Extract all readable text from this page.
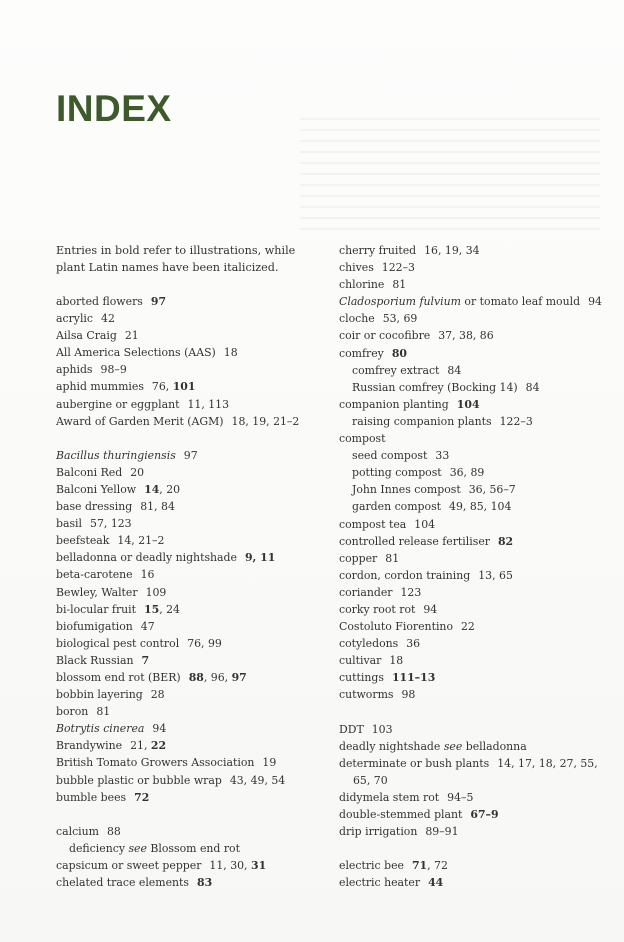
INDEX
Entries in bold refer to illustrations, while plant Latin names have been italicized.
aborted flowers 97
acrylic 42
Ailsa Craig 21
All America Selections (AAS) 18
aphids 98–9
aphid mummies 76, 101
aubergine or eggplant 11, 113
Award of Garden Merit (AGM) 18, 19, 21–2
Bacillus thuringiensis 97
Balconi Red 20
Balconi Yellow 14, 20
base dressing 81, 84
basil 57, 123
beefsteak 14, 21–2
belladonna or deadly nightshade 9, 11
beta-carotene 16
Bewley, Walter 109
bi-locular fruit 15, 24
biofumigation 47
biological pest control 76, 99
Black Russian 7
blossom end rot (BER) 88, 96, 97
bobbin layering 28
boron 81
Botrytis cinerea 94
Brandywine 21, 22
British Tomato Growers Association 19
bubble plastic or bubble wrap 43, 49, 54
bumble bees 72
calcium 88
deficiency see Blossom end rot
capsicum or sweet pepper 11, 30, 31
chelated trace elements 83
cherry fruited 16, 19, 34
chives 122–3
chlorine 81
Cladosporium fulvium or tomato leaf mould 94
cloche 53, 69
coir or cocofibre 37, 38, 86
comfrey 80
comfrey extract 84
Russian comfrey (Bocking 14) 84
companion planting 104
raising companion plants 122–3
compost
seed compost 33
potting compost 36, 89
John Innes compost 36, 56–7
garden compost 49, 85, 104
compost tea 104
controlled release fertiliser 82
copper 81
cordon, cordon training 13, 65
coriander 123
corky root rot 94
Costoluto Fiorentino 22
cotyledons 36
cultivar 18
cuttings 111–13
cutworms 98
DDT 103
deadly nightshade see belladonna
determinate or bush plants 14, 17, 18, 27, 55, 65, 70
didymela stem rot 94–5
double-stemmed plant 67–9
drip irrigation 89–91
electric bee 71, 72
electric heater 44
